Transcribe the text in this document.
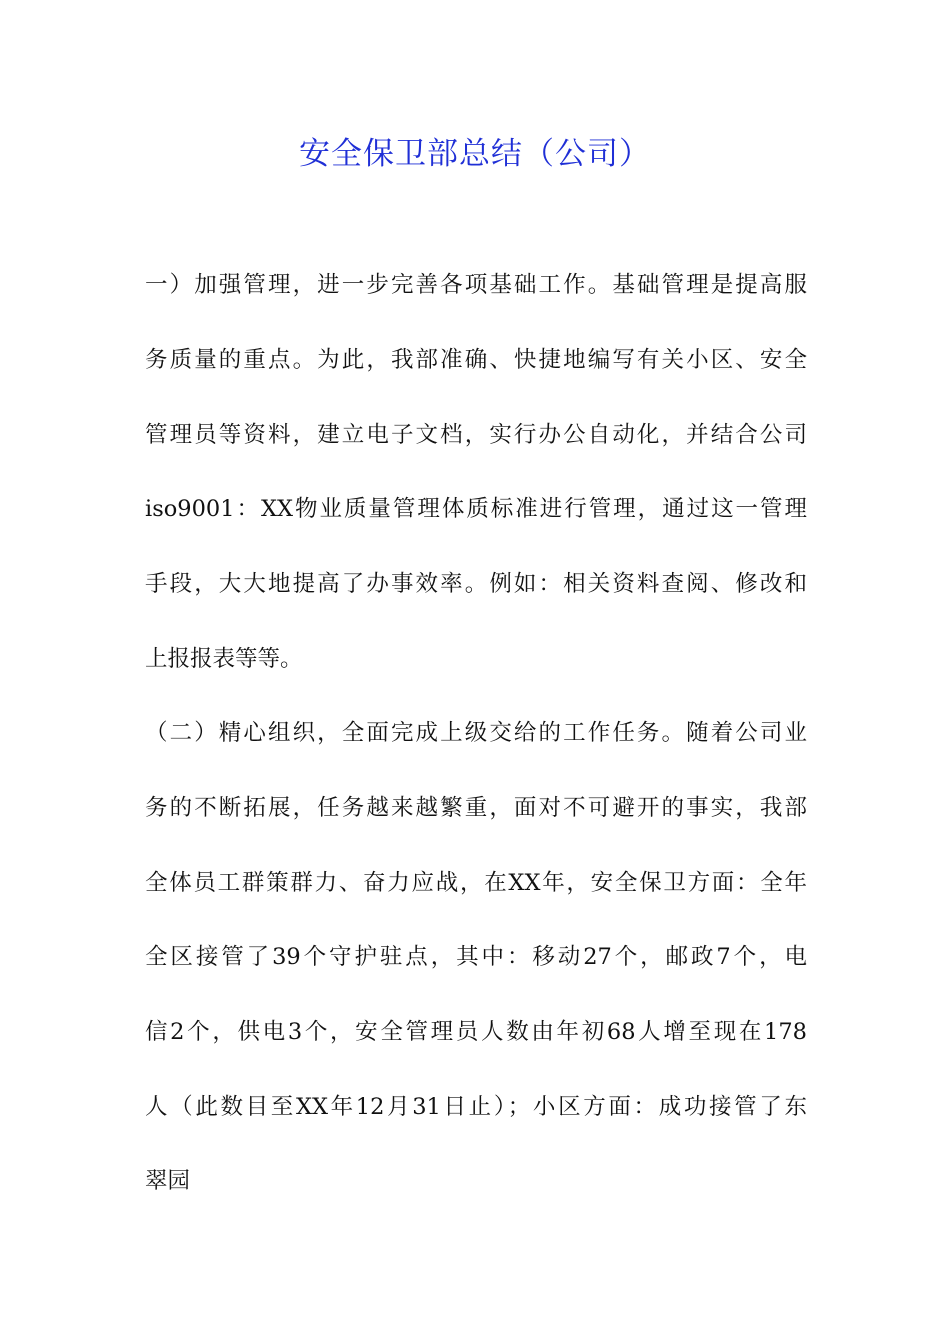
安全保卫部总结（公司）
一）加强管理，进一步完善各项基础工作。基础管理是提高服
务质量的重点。为此，我部准确、快捷地编写有关小区、安全
管理员等资料，建立电子文档，实行办公自动化，并结合公司
iso9001：XX物业质量管理体质标准进行管理，通过这一管理
手段，大大地提高了办事效率。例如：相关资料查阅、修改和
上报报表等等。
（二）精心组织，全面完成上级交给的工作任务。随着公司业
务的不断拓展，任务越来越繁重，面对不可避开的事实，我部
全体员工群策群力、奋力应战，在XX年，安全保卫方面：全年
全区接管了39个守护驻点，其中：移动27个，邮政7个，电
信2个，供电3个，安全管理员人数由年初68人增至现在178
人（此数目至XX年12月31日止）；小区方面：成功接管了东
翠园
